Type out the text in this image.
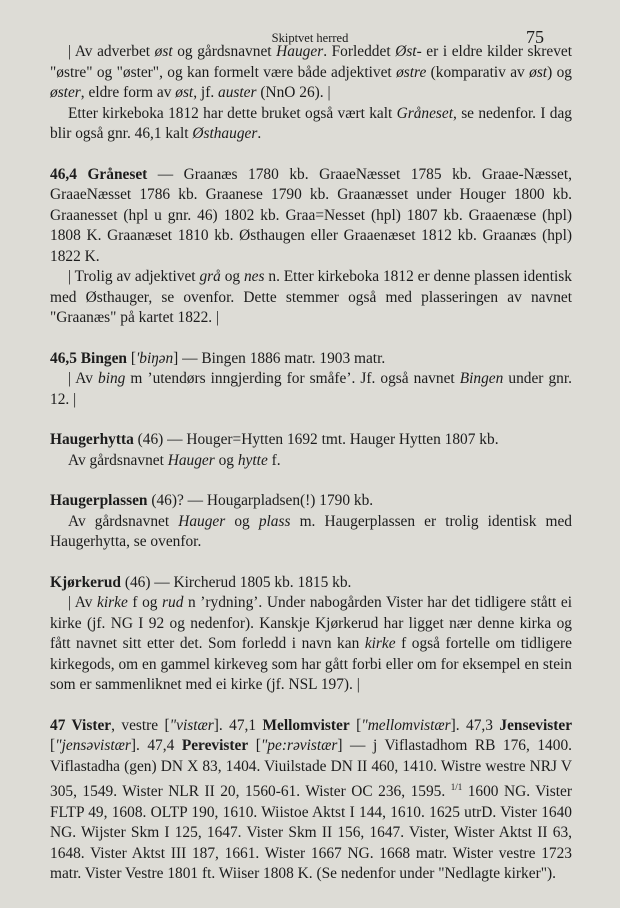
Skiptvet herred	75

| Av adverbet øst og gårdsnavnet Hauger. Forleddet Øst- er i eldre kilder skrevet "østre" og "øster", og kan formelt være både adjektivet østre (komparativ av øst) og øster, eldre form av øst, jf. auster (NnO 26). |

Etter kirkeboka 1812 har dette bruket også vært kalt Gråneset, se nedenfor. I dag blir også gnr. 46,1 kalt Østhauger.

46,4 Gråneset — Graanæs 1780 kb. GraaeNæsset 1785 kb. Graae-Næsset, GraaeNæsset 1786 kb. Graanese 1790 kb. Graanæsset under Houger 1800 kb. Graanesset (hpl u gnr. 46) 1802 kb. Graa=Nesset (hpl) 1807 kb. Graaenæse (hpl) 1808 K. Graanæset 1810 kb. Østhaugen eller Graaenæset 1812 kb. Graanæs (hpl) 1822 K.

| Trolig av adjektivet grå og nes n. Etter kirkeboka 1812 er denne plassen identisk med Østhauger, se ovenfor. Dette stemmer også med plasseringen av navnet "Graanæs" på kartet 1822. |

46,5 Bingen ['biŋən] — Bingen 1886 matr. 1903 matr.

| Av bing m ’utendørs inngjerding for småfe’. Jf. også navnet Bingen under gnr. 12. |

Haugerhytta (46) — Houger=Hytten 1692 tmt. Hauger Hytten 1807 kb.

Av gårdsnavnet Hauger og hytte f.

Haugerplassen (46)? — Hougarpladsen(!) 1790 kb.

Av gårdsnavnet Hauger og plass m. Haugerplassen er trolig identisk med Haugerhytta, se ovenfor.

Kjørkerud (46) — Kircherud 1805 kb. 1815 kb.

| Av kirke f og rud n ’rydning’. Under nabogården Vister har det tidligere stått ei kirke (jf. NG I 92 og nedenfor). Kanskje Kjørkerud har ligget nær denne kirka og fått navnet sitt etter det. Som forledd i navn kan kirke f også fortelle om tidligere kirkegods, om en gammel kirkeveg som har gått forbi eller om for eksempel en stein som er sammenliknet med ei kirke (jf. NSL 197). |

47 Vister, vestre ["vistær]. 47,1 Mellomvister ["mellomvistær]. 47,3 Jensevister ["jensəvistær]. 47,4 Perevister ["pe:rəvistær] — j Viflastadhom RB 176, 1400. Viflastadha (gen) DN X 83, 1404. Viuilstade DN II 460, 1410. Wistre westre NRJ V 305, 1549. Wister NLR II 20, 1560-61. Wister OC 236, 1595. $^{1/1}$ 1600 NG. Vister FLTP 49, 1608. OLTP 190, 1610. Wiistoe Aktst I 144, 1610. 1625 utrD. Vister 1640 NG. Wijster Skm I 125, 1647. Vister Skm II 156, 1647. Vister, Wister Aktst II 63, 1648. Vister Aktst III 187, 1661. Wister 1667 NG. 1668 matr. Wister vestre 1723 matr. Vister Vestre 1801 ft. Wiiser 1808 K. (Se nedenfor under "Nedlagte kirker").
